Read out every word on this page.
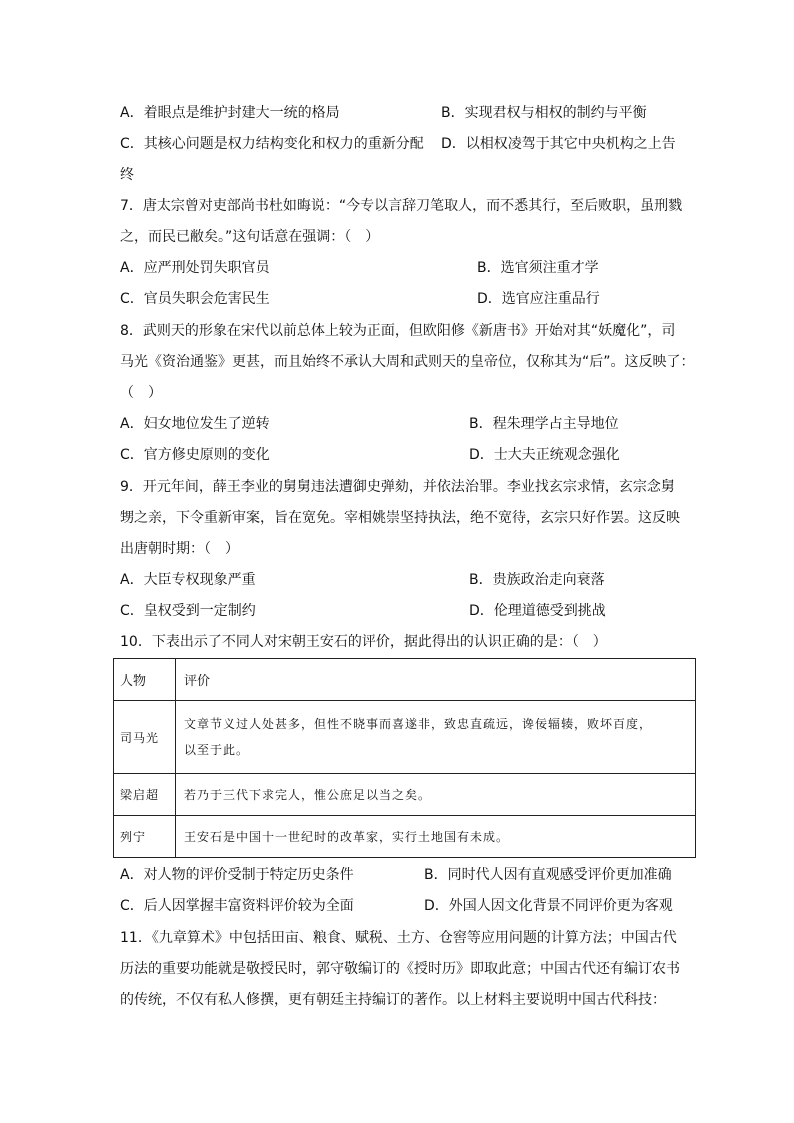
A．着眼点是维护封建大一统的格局	B．实现君权与相权的制约与平衡
C．其核心问题是权力结构变化和权力的重新分配 D．以相权凌驾于其它中央机构之上告
终
7．唐太宗曾对吏部尚书杜如晦说：“今专以言辞刀笔取人，而不悉其行，至后败职，虽刑戮
之，而民已敝矣。”这句话意在强调：（　）
A．应严刑处罚失职官员	B．选官须注重才学
C．官员失职会危害民生	D．选官应注重品行
8．武则天的形象在宋代以前总体上较为正面，但欧阳修《新唐书》开始对其“妖魔化”，司
马光《资治通鉴》更甚，而且始终不承认大周和武则天的皇帝位，仅称其为“后”。这反映了：
（　）
A．妇女地位发生了逆转	B．程朱理学占主导地位
C．官方修史原则的变化	D．士大夫正统观念强化
9．开元年间，薛王李业的舅舅违法遭御史弹劾，并依法治罪。李业找玄宗求情，玄宗念舅
甥之亲，下令重新审案，旨在宽免。宰相姚崇坚持执法，绝不宽待，玄宗只好作罢。这反映
出唐朝时期：（　）
A．大臣专权现象严重	B．贵族政治走向衰落
C．皇权受到一定制约	D．伦理道德受到挑战
10．下表出示了不同人对宋朝王安石的评价，据此得出的认识正确的是：（　）
人物	评价
司马光	文章节义过人处甚多，但性不晓事而喜遂非，致忠直疏远，谗佞辐辏，败坏百度，
以至于此。

梁启超	若乃于三代下求完人，惟公庶足以当之矣。
列宁	王安石是中国十一世纪时的改革家，实行土地国有未成。
A．对人物的评价受制于特定历史条件	B．同时代人因有直观感受评价更加准确
C．后人因掌握丰富资料评价较为全面	D．外国人因文化背景不同评价更为客观
11．《九章算术》中包括田亩、粮食、赋税、土方、仓窖等应用问题的计算方法；中国古代
历法的重要功能就是敬授民时，郭守敬编订的《授时历》即取此意；中国古代还有编订农书
的传统，不仅有私人修撰，更有朝廷主持编订的著作。以上材料主要说明中国古代科技：
